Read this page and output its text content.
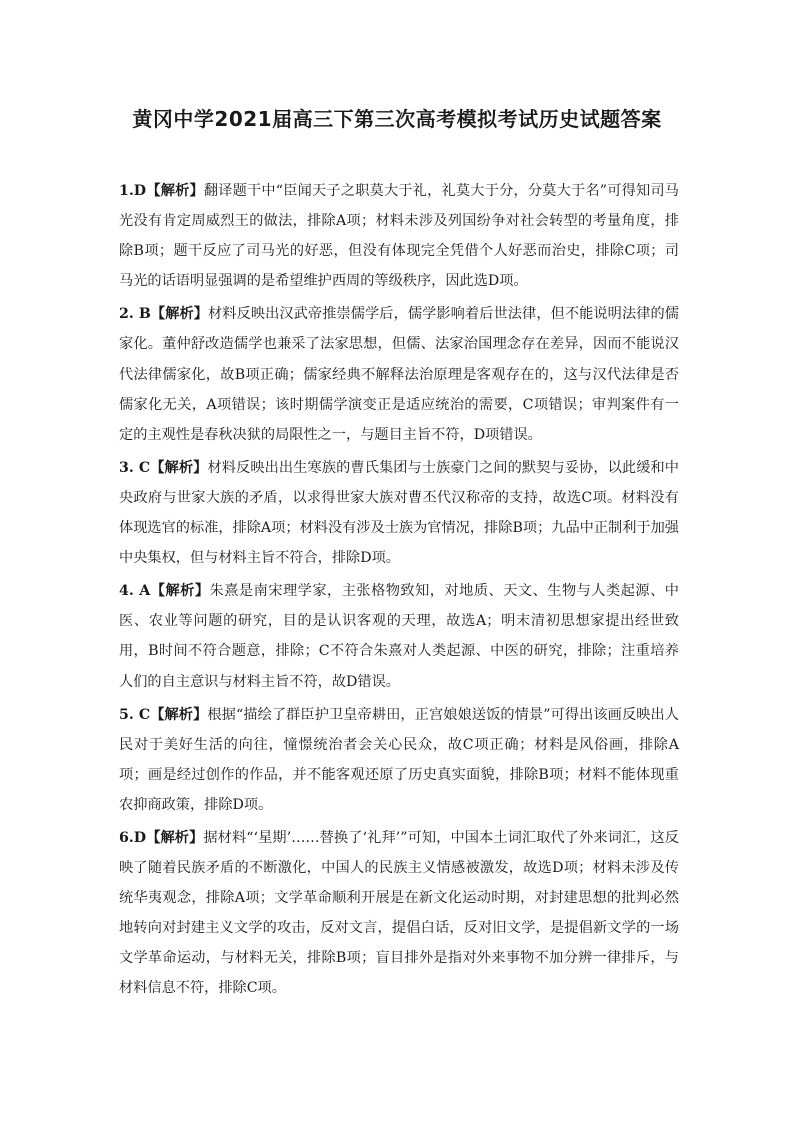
黄冈中学2021届高三下第三次高考模拟考试历史试题答案

1.D【解析】翻译题干中“臣闻天子之职莫大于礼，礼莫大于分，分莫大于名”可得知司马光没有肯定周威烈王的做法，排除A项；材料未涉及列国纷争对社会转型的考量角度，排除B项；题干反应了司马光的好恶，但没有体现完全凭借个人好恶而治史，排除C项；司马光的话语明显强调的是希望维护西周的等级秩序，因此选D项。

2. B【解析】材料反映出汉武帝推崇儒学后，儒学影响着后世法律，但不能说明法律的儒家化。董仲舒改造儒学也兼采了法家思想，但儒、法家治国理念存在差异，因而不能说汉代法律儒家化，故B项正确；儒家经典不解释法治原理是客观存在的，这与汉代法律是否儒家化无关，A项错误；该时期儒学演变正是适应统治的需要，C项错误；审判案件有一定的主观性是春秋决狱的局限性之一，与题目主旨不符，D项错误。

3. C【解析】材料反映出出生寒族的曹氏集团与士族豪门之间的默契与妥协，以此缓和中央政府与世家大族的矛盾，以求得世家大族对曹丕代汉称帝的支持，故选C项。材料没有体现选官的标准，排除A项；材料没有涉及士族为官情况，排除B项；九品中正制利于加强中央集权，但与材料主旨不符合，排除D项。

4. A【解析】朱熹是南宋理学家，主张格物致知，对地质、天文、生物与人类起源、中医、农业等问题的研究，目的是认识客观的天理，故选A；明末清初思想家提出经世致用，B时间不符合题意，排除；C不符合朱熹对人类起源、中医的研究，排除；注重培养人们的自主意识与材料主旨不符，故D错误。

5. C【解析】根据“描绘了群臣护卫皇帝耕田，正宫娘娘送饭的情景”可得出该画反映出人民对于美好生活的向往，憧憬统治者会关心民众，故C项正确；材料是风俗画，排除A项；画是经过创作的作品，并不能客观还原了历史真实面貌，排除B项；材料不能体现重农抑商政策，排除D项。

6.D【解析】据材料“‘星期’……替换了‘礼拜’”可知，中国本土词汇取代了外来词汇，这反映了随着民族矛盾的不断激化，中国人的民族主义情感被激发，故选D项；材料未涉及传统华夷观念，排除A项；文学革命顺利开展是在新文化运动时期，对封建思想的批判必然地转向对封建主义文学的攻击，反对文言，提倡白话，反对旧文学，是提倡新文学的一场文学革命运动，与材料无关，排除B项；盲目排外是指对外来事物不加分辨一律排斥，与材料信息不符，排除C项。
